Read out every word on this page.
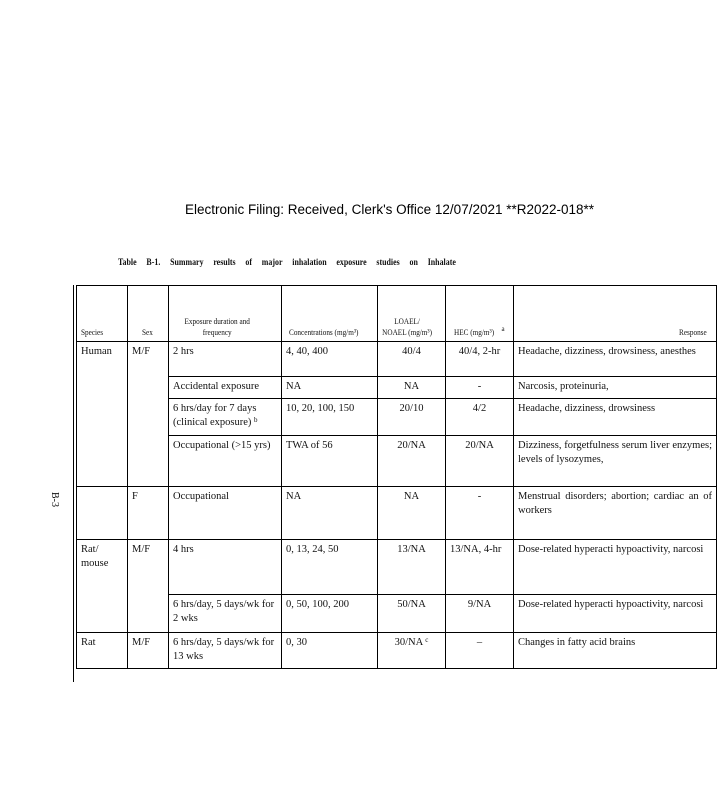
Electronic Filing: Received, Clerk's Office 12/07/2021 **R2022-018**
Table B-1. Summary results of major inhalation exposure studies on Inhalate
B-3
Species	Sex	Exposure duration and frequency	Concentrations (mg/m³)	LOAEL/ NOAEL (mg/m³)	HEC (mg/m³) $^a$	Response
Human	M/F	2 hrs	4, 40, 400	40/4	40/4, 2-hr	Headache, dizziness, drowsiness, anesthes
		Accidental exposure	NA	NA	-	Narcosis, proteinuria,
		6 hrs/day for 7 days (clinical exposure) $^b$	10, 20, 100, 150	20/10	4/2	Headache, dizziness, drowsiness
		Occupational (>15 yrs)	TWA of 56	20/NA	20/NA	Dizziness, forgetfulness serum liver enzymes; levels of lysozymes,
	F	Occupational	NA	NA	-	Menstrual disorders; abortion; cardiac an of workers
Rat/ mouse	M/F	4 hrs	0, 13, 24, 50	13/NA	13/NA, 4-hr	Dose-related hyperacti hypoactivity, narcosi
		6 hrs/day, 5 days/wk for 2 wks	0, 50, 100, 200	50/NA	9/NA	Dose-related hyperacti hypoactivity, narcosi
Rat	M/F	6 hrs/day, 5 days/wk for 13 wks	0, 30	30/NA $^c$	–	Changes in fatty acid brains
